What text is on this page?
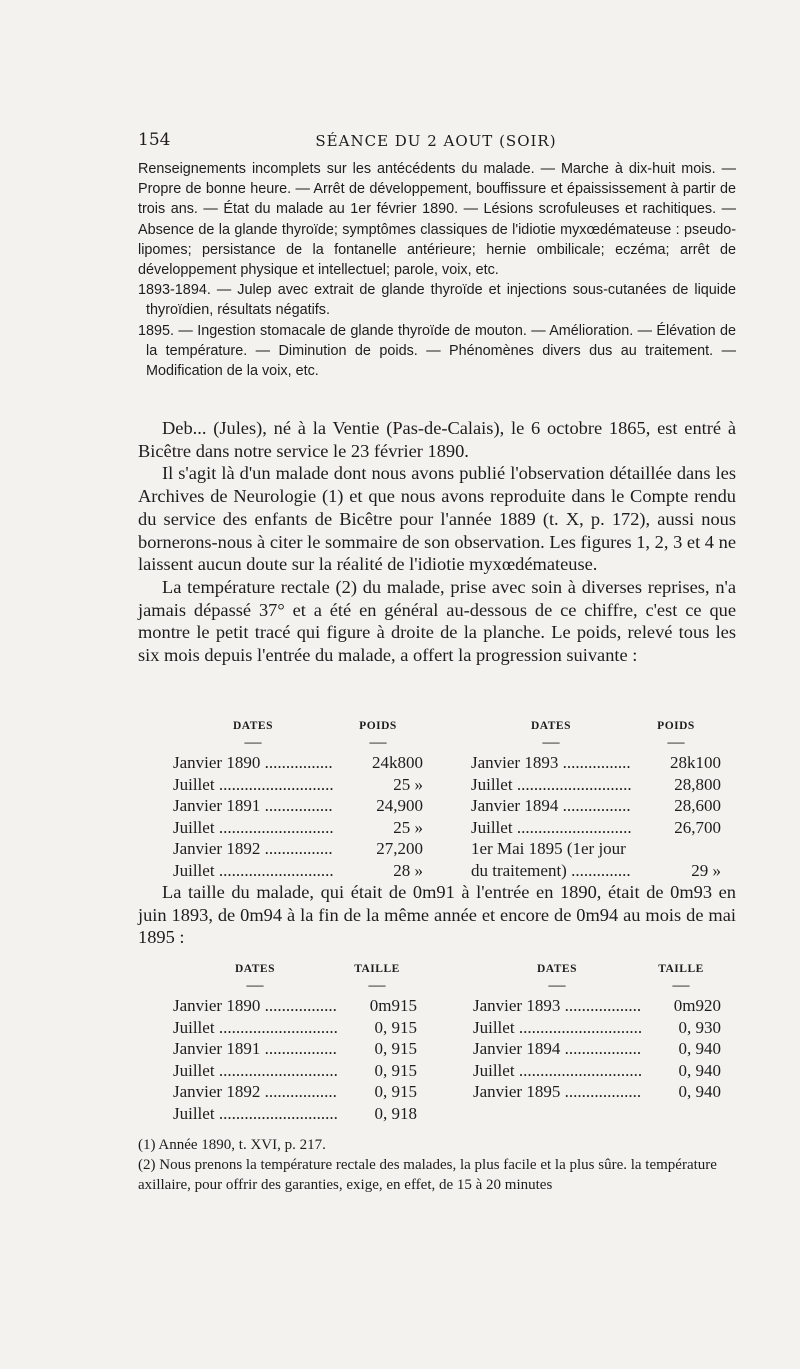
154	SÉANCE DU 2 AOUT (SOIR)

Renseignements incomplets sur les antécédents du malade. — Marche à dix-huit mois. — Propre de bonne heure. — Arrêt de développement, bouffissure et épaississement à partir de trois ans. — État du malade au 1er février 1890. — Lésions scrofuleuses et rachitiques. — Absence de la glande thyroïde; symptômes classiques de l'idiotie myxœdémateuse : pseudo-lipomes; persistance de la fontanelle antérieure; hernie ombilicale; eczéma; arrêt de développement physique et intellectuel; parole, voix, etc.

1893-1894. — Julep avec extrait de glande thyroïde et injections sous-cutanées de liquide thyroïdien, résultats négatifs.

1895. — Ingestion stomacale de glande thyroïde de mouton. — Amélioration. — Élévation de la température. — Diminution de poids. — Phénomènes divers dus au traitement. — Modification de la voix, etc.

Deb... (Jules), né à la Ventie (Pas-de-Calais), le 6 octobre 1865, est entré à Bicêtre dans notre service le 23 février 1890.

Il s'agit là d'un malade dont nous avons publié l'observation détaillée dans les Archives de Neurologie (1) et que nous avons reproduite dans le Compte rendu du service des enfants de Bicêtre pour l'année 1889 (t. X, p. 172), aussi nous bornerons-nous à citer le sommaire de son observation. Les figures 1, 2, 3 et 4 ne laissent aucun doute sur la réalité de l'idiotie myxœdémateuse.

La température rectale (2) du malade, prise avec soin à diverses reprises, n'a jamais dépassé 37° et a été en général au-dessous de ce chiffre, c'est ce que montre le petit tracé qui figure à droite de la planche. Le poids, relevé tous les six mois depuis l'entrée du malade, a offert la progression suivante :

DATES	POIDS
—	—
Janvier 1890 .....	24k800
Juillet .....	25 »
Janvier 1891 .....	24,900
Juillet .....	25 »
Janvier 1892 .....	27,200
Juillet .....	28 »
DATES	POIDS
—	—
Janvier 1893 .....	28k100
Juillet .....	28,800
Janvier 1894 .....	28,600
Juillet .....	26,700
1er Mai 1895 (1er jour
du traitement) .....	29 »

La taille du malade, qui était de 0m91 à l'entrée en 1890, était de 0m93 en juin 1893, de 0m94 à la fin de la même année et encore de 0m94 au mois de mai 1895 :

DATES	TAILLE
—	—
Janvier 1890 .....	0m915
Juillet .....	0, 915
Janvier 1891 .....	0, 915
Juillet .....	0, 915
Janvier 1892 .....	0, 915
Juillet .....	0, 918
DATES	TAILLE
—	—
Janvier 1893 .....	0m920
Juillet .....	0, 930
Janvier 1894 .....	0, 940
Juillet .....	0, 940
Janvier 1895 .....	0, 940

(1) Année 1890, t. XVI, p. 217.

(2) Nous prenons la température rectale des malades, la plus facile et la plus sûre. la température axillaire, pour offrir des garanties, exige, en effet, de 15 à 20 minutes
